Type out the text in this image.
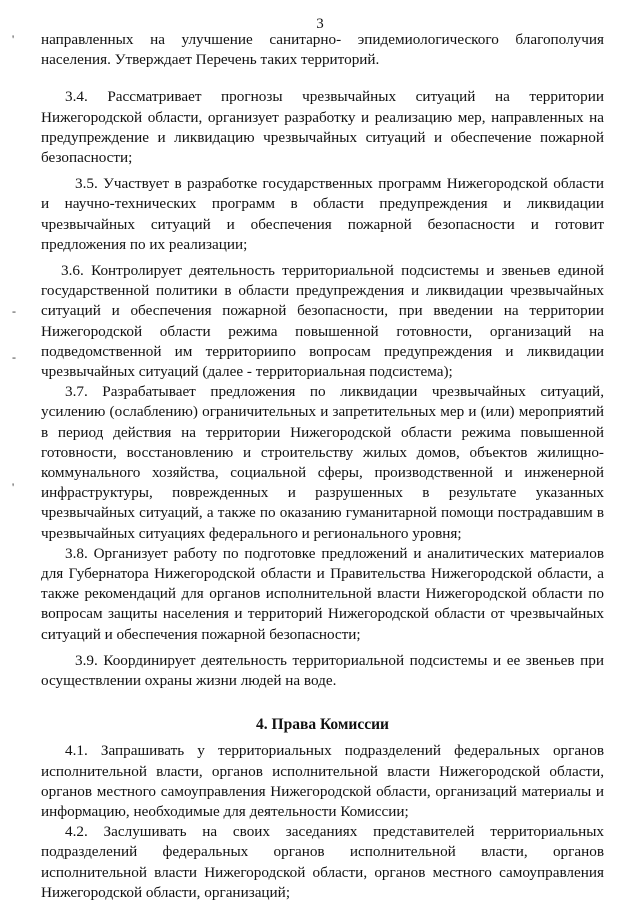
3
'
-
-
'

направленных на улучшение санитарно- эпидемиологического благополучия населения. Утверждает Перечень таких территорий.

3.4. Рассматривает прогнозы чрезвычайных ситуаций на территории Нижегородской области, организует разработку и реализацию мер, направленных на предупреждение и ликвидацию чрезвычайных ситуаций и обеспечение пожарной безопасности;

3.5. Участвует в разработке государственных программ Нижегородской области и научно-технических программ в области предупреждения и ликвидации чрезвычайных ситуаций и обеспечения пожарной безопасности и готовит предложения по их реализации;

3.6. Контролирует деятельность территориальной подсистемы и звеньев единой государственной политики в области предупреждения и ликвидации чрезвычайных ситуаций и обеспечения пожарной безопасности, при введении на территории Нижегородской области режима повышенной готовности, организаций на подведомственной им территориипо вопросам предупреждения и ликвидации чрезвычайных ситуаций (далее - территориальная подсистема);

3.7. Разрабатывает предложения по ликвидации чрезвычайных ситуаций, усилению (ослаблению) ограничительных и запретительных мер и (или) мероприятий в период действия на территории Нижегородской области режима повышенной готовности, восстановлению и строительству жилых домов, объектов жилищно-коммунального хозяйства, социальной сферы, производственной и инженерной инфраструктуры, поврежденных и разрушенных в результате указанных чрезвычайных ситуаций, а также по оказанию гуманитарной помощи пострадавшим в чрезвычайных ситуациях федерального и регионального уровня;

3.8. Организует работу по подготовке предложений и аналитических материалов для Губернатора Нижегородской области и Правительства Нижегородской области, а также рекомендаций для органов исполнительной власти Нижегородской области по вопросам защиты населения и территорий Нижегородской области от чрезвычайных ситуаций и обеспечения пожарной безопасности;

3.9. Координирует деятельность территориальной подсистемы и ее звеньев при осуществлении охраны жизни людей на воде.

4. Права Комиссии

4.1. Запрашивать у территориальных подразделений федеральных органов исполнительной власти, органов исполнительной власти Нижегородской области, органов местного самоуправления Нижегородской области, организаций материалы и информацию, необходимые для деятельности Комиссии;

4.2. Заслушивать на своих заседаниях представителей территориальных подразделений федеральных органов исполнительной власти, органов исполнительной власти Нижегородской области, органов местного самоуправления Нижегородской области, организаций;
